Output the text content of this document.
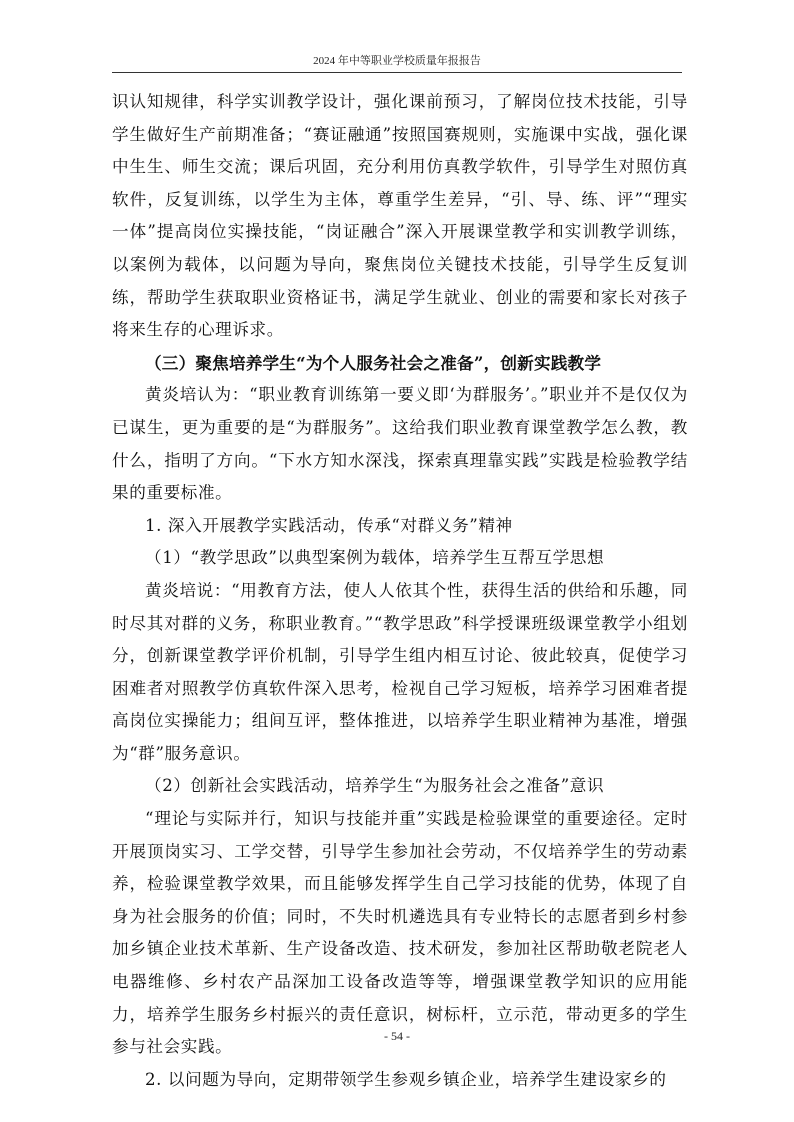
2024 年中等职业学校质量年报报告

识认知规律，科学实训教学设计，强化课前预习，了解岗位技术技能，引导学生做好生产前期准备；“赛证融通”按照国赛规则，实施课中实战，强化课中生生、师生交流；课后巩固，充分利用仿真教学软件，引导学生对照仿真软件，反复训练，以学生为主体，尊重学生差异，“引、导、练、评”“理实一体”提高岗位实操技能，“岗证融合”深入开展课堂教学和实训教学训练，以案例为载体，以问题为导向，聚焦岗位关键技术技能，引导学生反复训练，帮助学生获取职业资格证书，满足学生就业、创业的需要和家长对孩子将来生存的心理诉求。

（三）聚焦培养学生“为个人服务社会之准备”，创新实践教学

黄炎培认为：“职业教育训练第一要义即‘为群服务’。”职业并不是仅仅为已谋生，更为重要的是“为群服务”。这给我们职业教育课堂教学怎么教，教什么，指明了方向。“下水方知水深浅，探索真理靠实践”实践是检验教学结果的重要标准。

1. 深入开展教学实践活动，传承“对群义务”精神

（1）“教学思政”以典型案例为载体，培养学生互帮互学思想

黄炎培说：“用教育方法，使人人依其个性，获得生活的供给和乐趣，同时尽其对群的义务，称职业教育。”“教学思政”科学授课班级课堂教学小组划分，创新课堂教学评价机制，引导学生组内相互讨论、彼此较真，促使学习困难者对照教学仿真软件深入思考，检视自己学习短板，培养学习困难者提高岗位实操能力；组间互评，整体推进，以培养学生职业精神为基准，增强为“群”服务意识。

（2）创新社会实践活动，培养学生“为服务社会之准备”意识

“理论与实际并行，知识与技能并重”实践是检验课堂的重要途径。定时开展顶岗实习、工学交替，引导学生参加社会劳动，不仅培养学生的劳动素养，检验课堂教学效果，而且能够发挥学生自己学习技能的优势，体现了自身为社会服务的价值；同时，不失时机遴选具有专业特长的志愿者到乡村参加乡镇企业技术革新、生产设备改造、技术研发，参加社区帮助敬老院老人电器维修、乡村农产品深加工设备改造等等，增强课堂教学知识的应用能力，培养学生服务乡村振兴的责任意识，树标杆，立示范，带动更多的学生参与社会实践。

2. 以问题为导向，定期带领学生参观乡镇企业，培养学生建设家乡的

- 54 -
